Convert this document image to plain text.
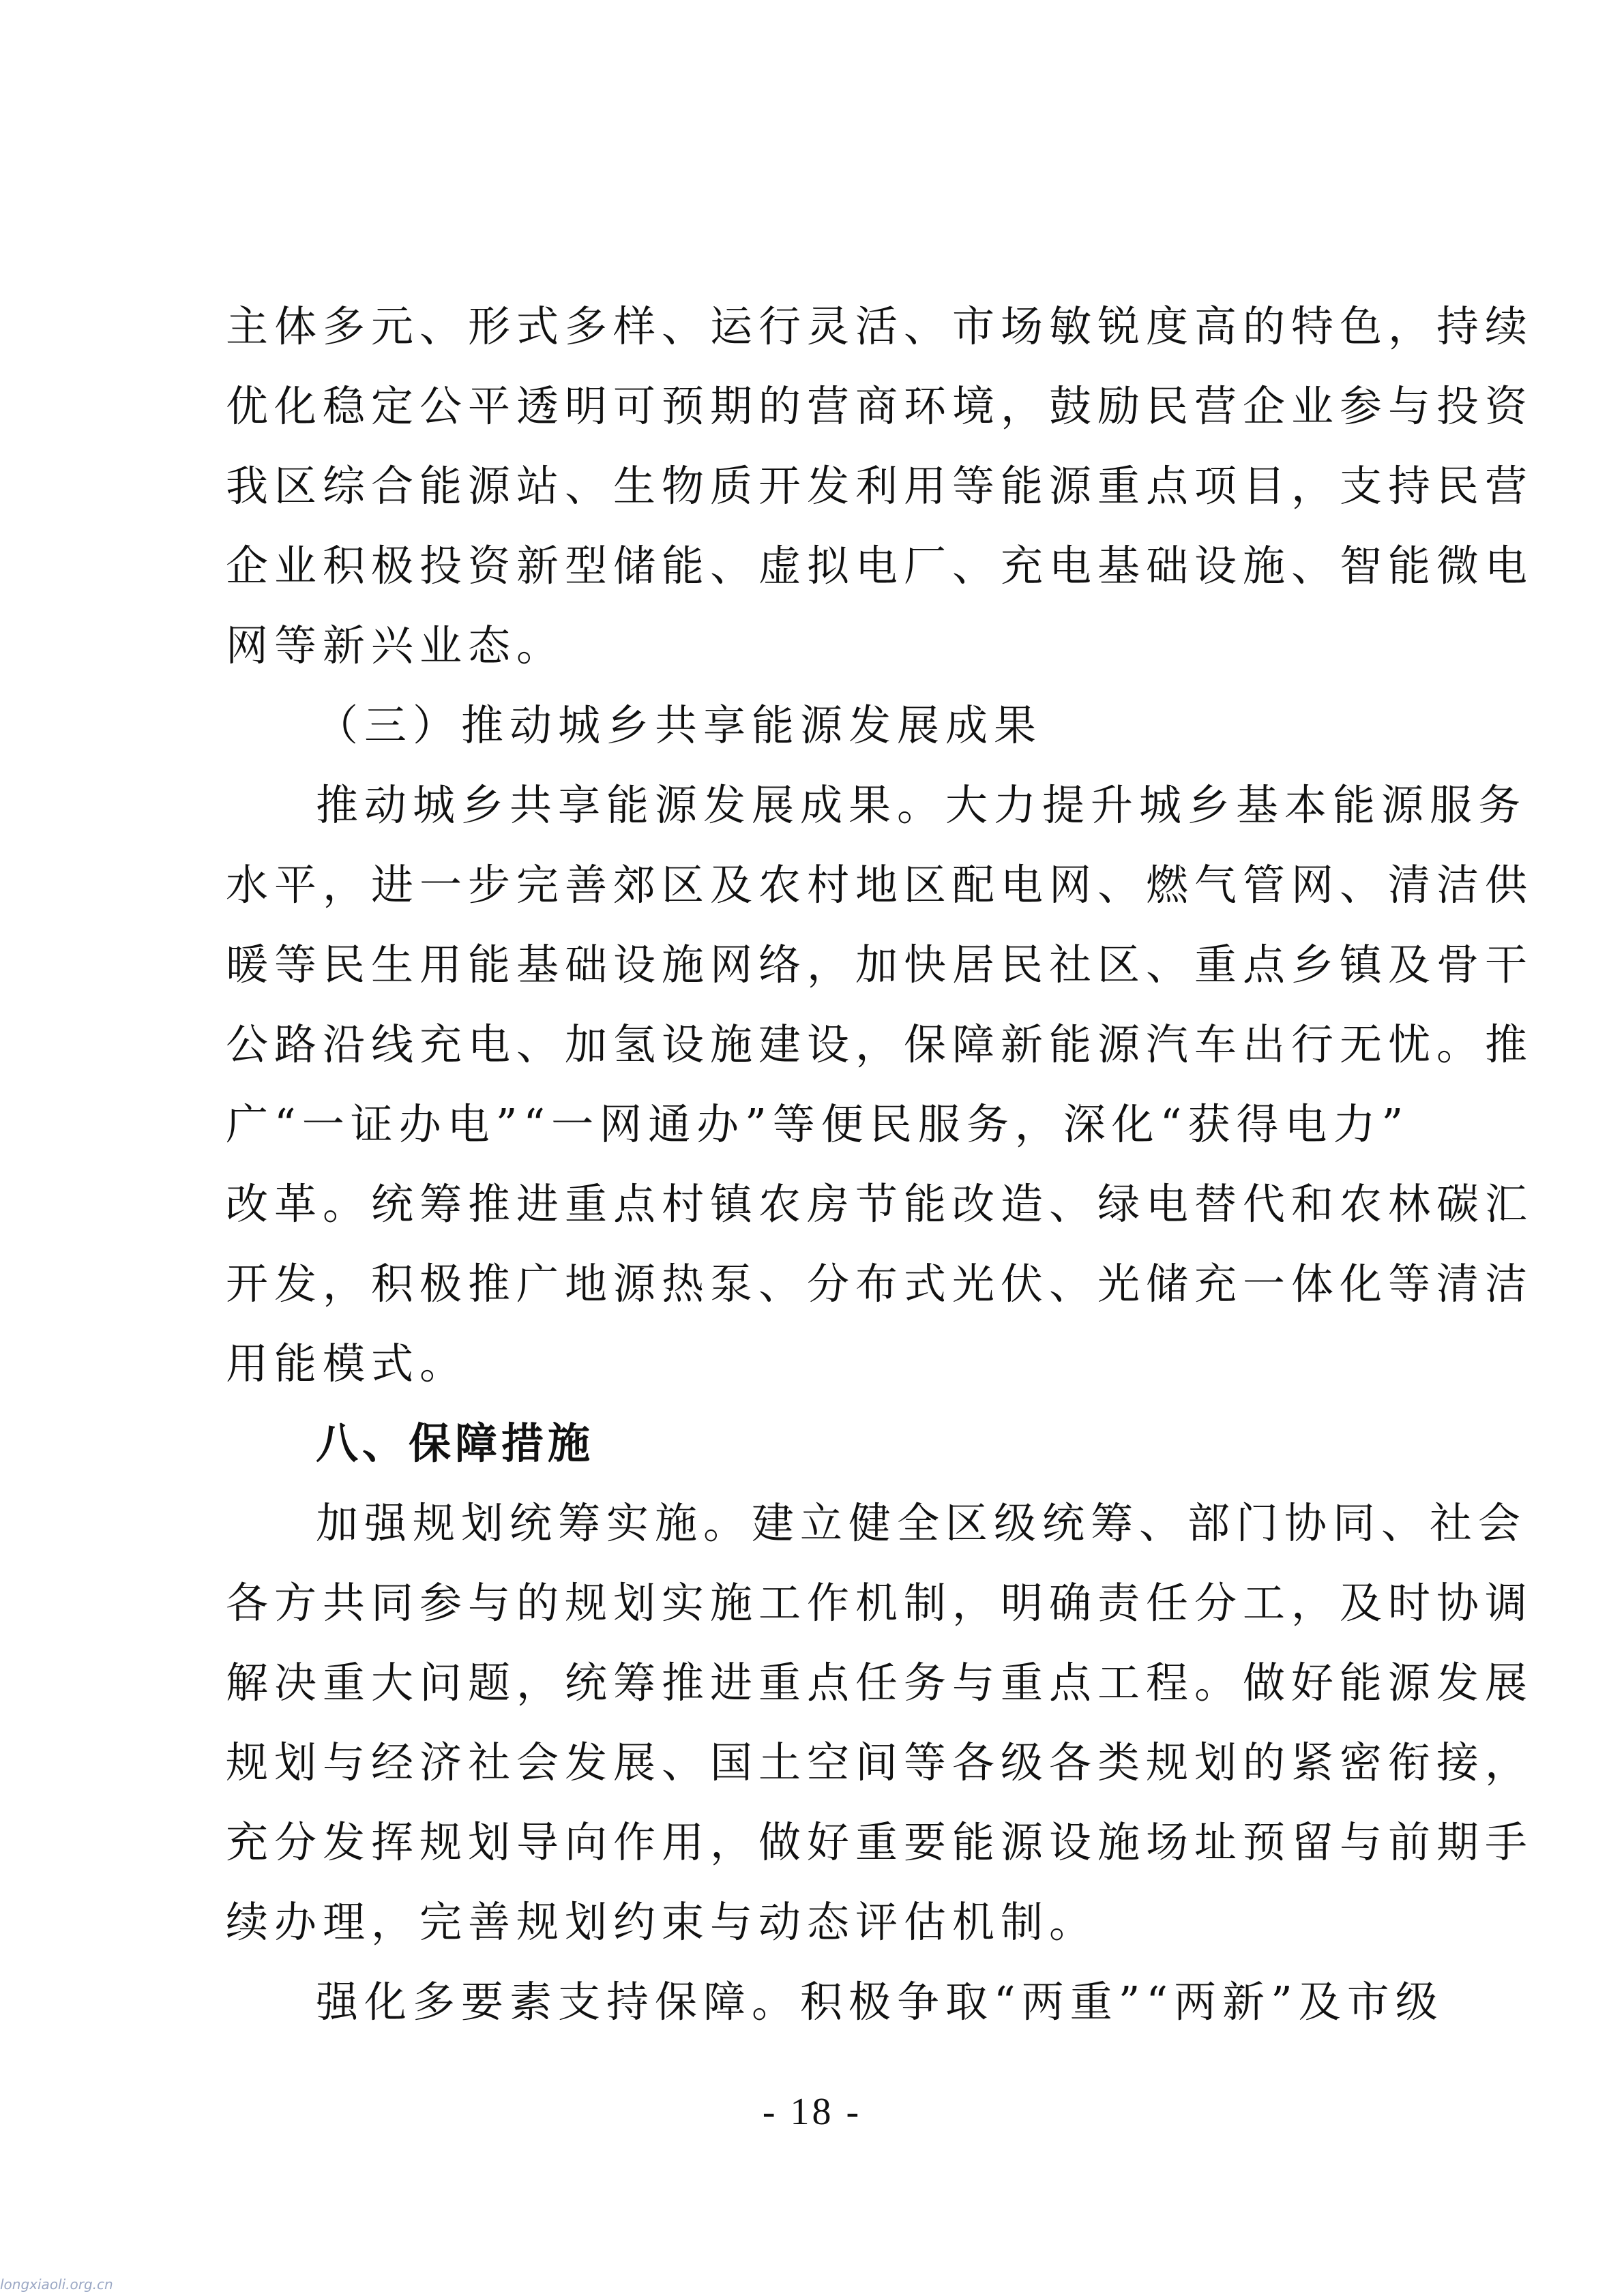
主体多元、形式多样、运行灵活、市场敏锐度高的特色，持续
优化稳定公平透明可预期的营商环境，鼓励民营企业参与投资
我区综合能源站、生物质开发利用等能源重点项目，支持民营
企业积极投资新型储能、虚拟电厂、充电基础设施、智能微电
网等新兴业态。
（三）推动城乡共享能源发展成果
推动城乡共享能源发展成果。大力提升城乡基本能源服务
水平，进一步完善郊区及农村地区配电网、燃气管网、清洁供
暖等民生用能基础设施网络，加快居民社区、重点乡镇及骨干
公路沿线充电、加氢设施建设，保障新能源汽车出行无忧。推
广“一证办电”“一网通办”等便民服务，深化“获得电力”
改革。统筹推进重点村镇农房节能改造、绿电替代和农林碳汇
开发，积极推广地源热泵、分布式光伏、光储充一体化等清洁
用能模式。
八、保障措施
加强规划统筹实施。建立健全区级统筹、部门协同、社会
各方共同参与的规划实施工作机制，明确责任分工，及时协调
解决重大问题，统筹推进重点任务与重点工程。做好能源发展
规划与经济社会发展、国土空间等各级各类规划的紧密衔接，
充分发挥规划导向作用，做好重要能源设施场址预留与前期手
续办理，完善规划约束与动态评估机制。
强化多要素支持保障。积极争取“两重”“两新”及市级
- 18 -
longxiaoli.org.cn
